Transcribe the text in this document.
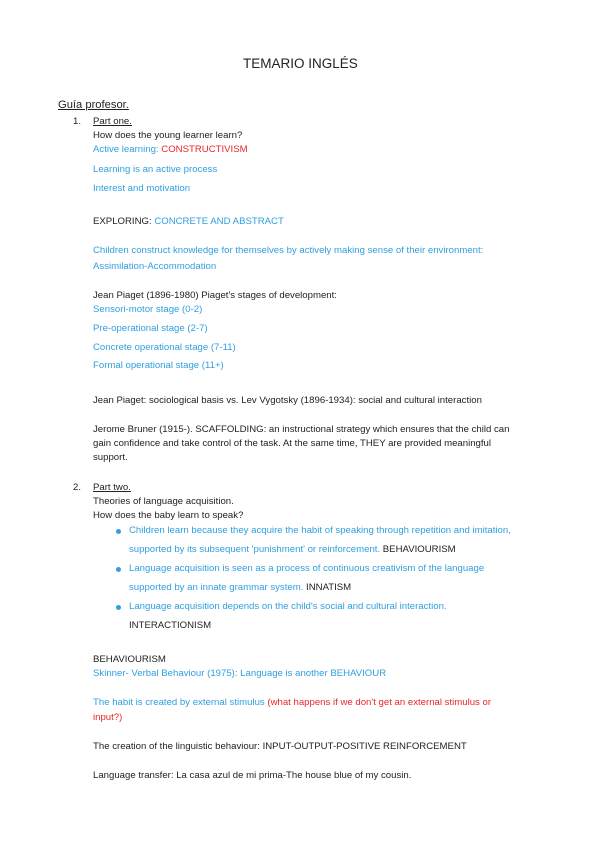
TEMARIO INGLÉS
Guía profesor.
1. Part one.
How does the young learner learn?
Active learning: CONSTRUCTIVISM
Learning is an active process
Interest and motivation
EXPLORING: CONCRETE AND ABSTRACT
Children construct knowledge for themselves by actively making sense of their environment:
Assimilation-Accommodation
Jean Piaget (1896-1980) Piaget's stages of development:
Sensori-motor stage (0-2)
Pre-operational stage (2-7)
Concrete operational stage (7-11)
Formal operational stage (11+)
Jean Piaget: sociological basis vs. Lev Vygotsky (1896-1934): social and cultural interaction
Jerome Bruner (1915-). SCAFFOLDING: an instructional strategy which ensures that the child can
gain confidence and take control of the task. At the same time, THEY are provided meaningful
support.
2. Part two.
Theories of language acquisition.
How does the baby learn to speak?
Children learn because they acquire the habit of speaking through repetition and imitation,
supported by its subsequent 'punishment' or reinforcement. BEHAVIOURISM
Language acquisition is seen as a process of continuous creativism of the language
supported by an innate grammar system. INNATISM
Language acquisition depends on the child's social and cultural interaction.
INTERACTIONISM
BEHAVIOURISM
Skinner- Verbal Behaviour (1975): Language is another BEHAVIOUR
The habit is created by external stimulus (what happens if we don't get an external stimulus or
input?)
The creation of the linguistic behaviour: INPUT-OUTPUT-POSITIVE REINFORCEMENT
Language transfer: La casa azul de mi prima-The house blue of my cousin.
